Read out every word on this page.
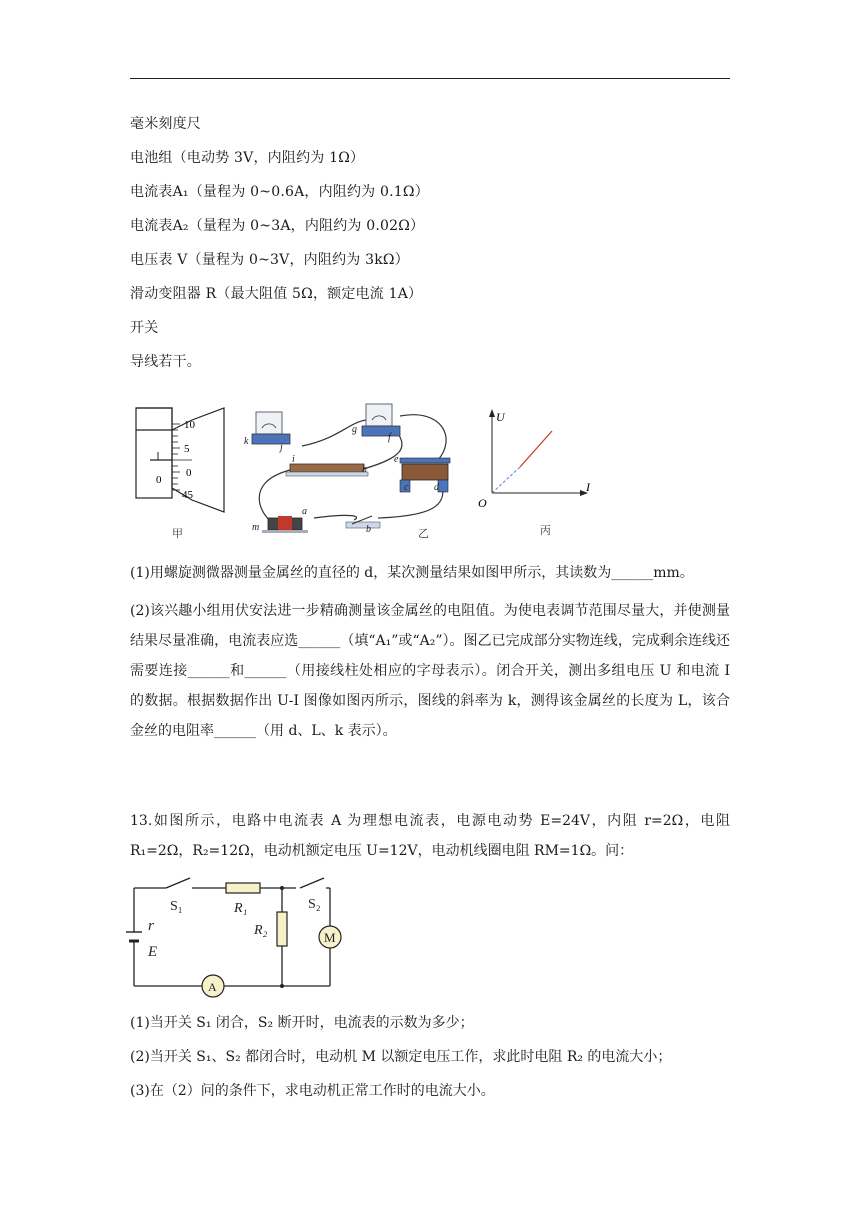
毫米刻度尺
电池组（电动势 3V，内阻约为 1Ω）
电流表A₁（量程为 0~0.6A，内阻约为 0.1Ω）
电流表A₂（量程为 0~3A，内阻约为 0.02Ω）
电压表 V（量程为 0~3V，内阻约为 3kΩ）
滑动变阻器 R（最大阻值 5Ω，额定电流 1A）
开关
导线若干。
10
5
0
45
0
甲
k
j
g
f
i
h
e
c	d
m
a
b	乙
U
I
O
丙
(1)用螺旋测微器测量金属丝的直径的 d，某次测量结果如图甲所示，其读数为______mm。
(2)该兴趣小组用伏安法进一步精确测量该金属丝的电阻值。为使电表调节范围尽量大，并使测量结果尽量准确，电流表应选______（填“A₁”或“A₂”）。图乙已完成部分实物连线，完成剩余连线还需要连接______和______（用接线柱处相应的字母表示）。闭合开关，测出多组电压 U 和电流 I 的数据。根据数据作出 U-I 图像如图丙所示，图线的斜率为 k，测得该金属丝的长度为 L，该合金丝的电阻率______（用 d、L、k 表示）。
13.如图所示，电路中电流表 A 为理想电流表，电源电动势 E=24V，内阻 r=2Ω，电阻 R₁=2Ω，R₂=12Ω，电动机额定电压 U=12V，电动机线圈电阻 RM=1Ω。问：
S₁	R₁
R₂
S₂
M
r
E
A
(1)当开关 S₁ 闭合，S₂ 断开时，电流表的示数为多少；
(2)当开关 S₁、S₂ 都闭合时，电动机 M 以额定电压工作，求此时电阻 R₂ 的电流大小；
(3)在（2）问的条件下，求电动机正常工作时的电流大小。
